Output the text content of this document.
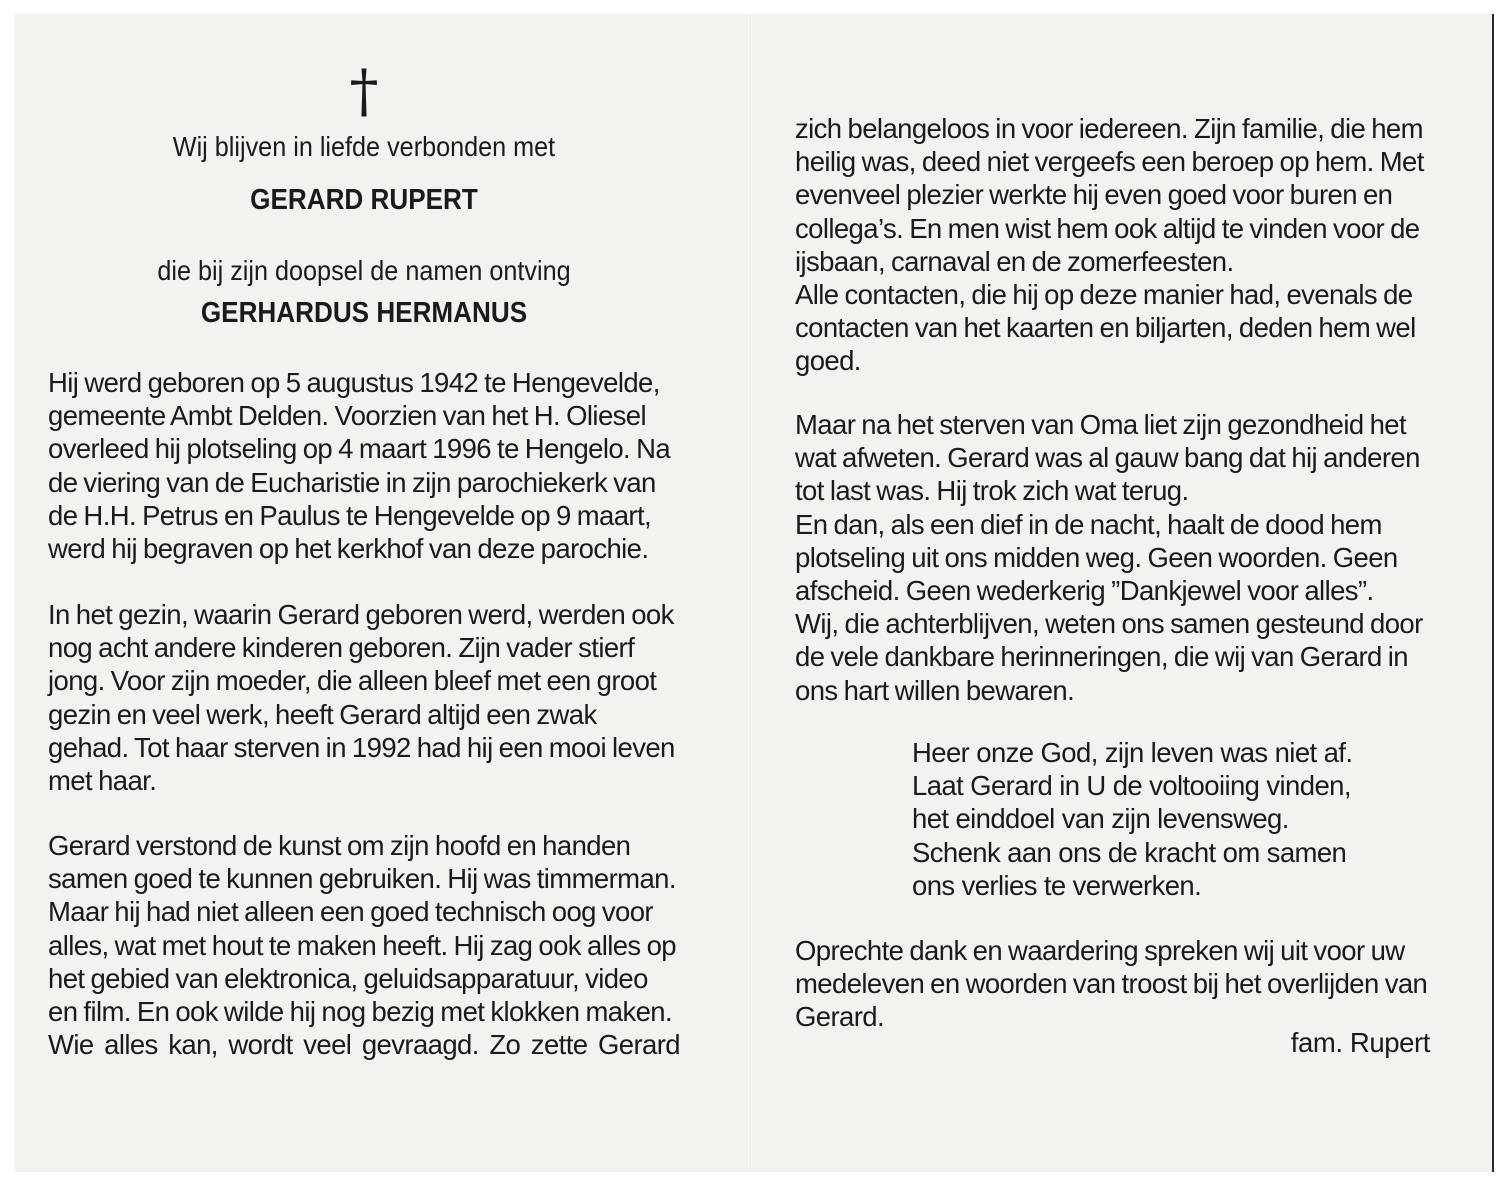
†
Wij blijven in liefde verbonden met
GERARD RUPERT
die bij zijn doopsel de namen ontving
GERHARDUS HERMANUS
Hij werd geboren op 5 augustus 1942 te Hengevelde,
gemeente Ambt Delden. Voorzien van het H. Oliesel
overleed hij plotseling op 4 maart 1996 te Hengelo. Na
de viering van de Eucharistie in zijn parochiekerk van
de H.H. Petrus en Paulus te Hengevelde op 9 maart,
werd hij begraven op het kerkhof van deze parochie.
In het gezin, waarin Gerard geboren werd, werden ook
nog acht andere kinderen geboren. Zijn vader stierf
jong. Voor zijn moeder, die alleen bleef met een groot
gezin en veel werk, heeft Gerard altijd een zwak
gehad. Tot haar sterven in 1992 had hij een mooi leven
met haar.
Gerard verstond de kunst om zijn hoofd en handen
samen goed te kunnen gebruiken. Hij was timmerman.
Maar hij had niet alleen een goed technisch oog voor
alles, wat met hout te maken heeft. Hij zag ook alles op
het gebied van elektronica, geluidsapparatuur, video
en film. En ook wilde hij nog bezig met klokken maken.
Wie alles kan, wordt veel gevraagd. Zo zette Gerard
zich belangeloos in voor iedereen. Zijn familie, die hem
heilig was, deed niet vergeefs een beroep op hem. Met
evenveel plezier werkte hij even goed voor buren en
collega’s. En men wist hem ook altijd te vinden voor de
ijsbaan, carnaval en de zomerfeesten.
Alle contacten, die hij op deze manier had, evenals de
contacten van het kaarten en biljarten, deden hem wel
goed.
Maar na het sterven van Oma liet zijn gezondheid het
wat afweten. Gerard was al gauw bang dat hij anderen
tot last was. Hij trok zich wat terug.
En dan, als een dief in de nacht, haalt de dood hem
plotseling uit ons midden weg. Geen woorden. Geen
afscheid. Geen wederkerig ”Dankjewel voor alles”.
Wij, die achterblijven, weten ons samen gesteund door
de vele dankbare herinneringen, die wij van Gerard in
ons hart willen bewaren.
Heer onze God, zijn leven was niet af.
Laat Gerard in U de voltooiing vinden,
het einddoel van zijn levensweg.
Schenk aan ons de kracht om samen
ons verlies te verwerken.
Oprechte dank en waardering spreken wij uit voor uw
medeleven en woorden van troost bij het overlijden van
Gerard.
fam. Rupert
